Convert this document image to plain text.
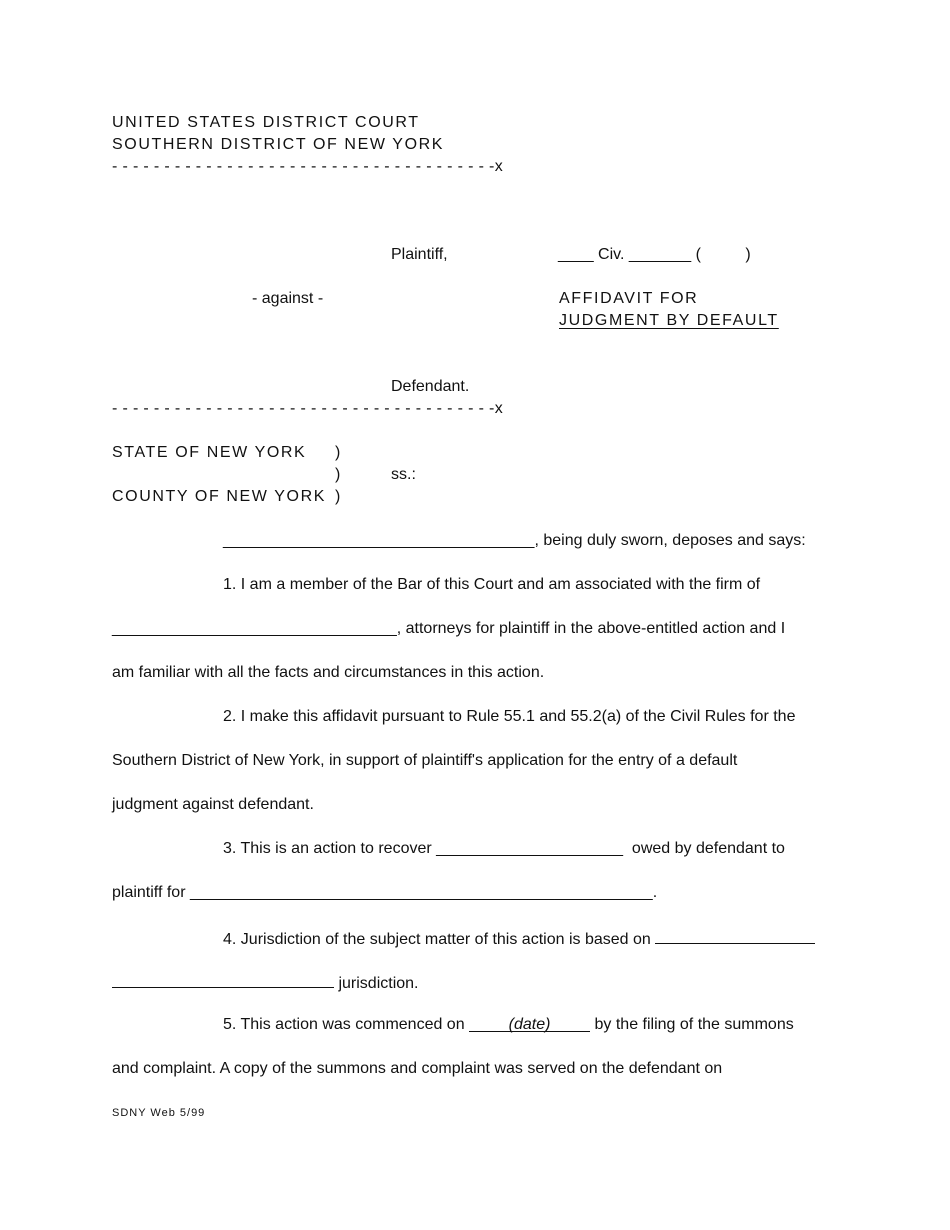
UNITED STATES DISTRICT COURT
SOUTHERN DISTRICT OF NEW YORK
- - - - - - - - - - - - - - - - - - - - - - - - - - - - - - - - - - - - -x
Plaintiff,	____ Civ. _______ (          )
- against -	AFFIDAVIT FOR
JUDGMENT BY DEFAULT
Defendant.
- - - - - - - - - - - - - - - - - - - - - - - - - - - - - - - - - - - - -x
STATE OF NEW YORK )
)	ss.:
COUNTY OF NEW YORK )
___________________________________, being duly sworn, deposes and says:
1. I am a member of the Bar of this Court and am associated with the firm of
________________________________, attorneys for plaintiff in the above-entitled action and I
am familiar with all the facts and circumstances in this action.
2. I make this affidavit pursuant to Rule 55.1 and 55.2(a) of the Civil Rules for the
Southern District of New York, in support of plaintiff's application for the entry of a default
judgment against defendant.
3. This is an action to recover _____________________ owed by defendant to
plaintiff for ____________________________________________________.
4. Jurisdiction of the subject matter of this action is based on
jurisdiction.
5. This action was commenced on	(date)	by the filing of the summons
and complaint. A copy of the summons and complaint was served on the defendant on
SDNY Web 5/99
